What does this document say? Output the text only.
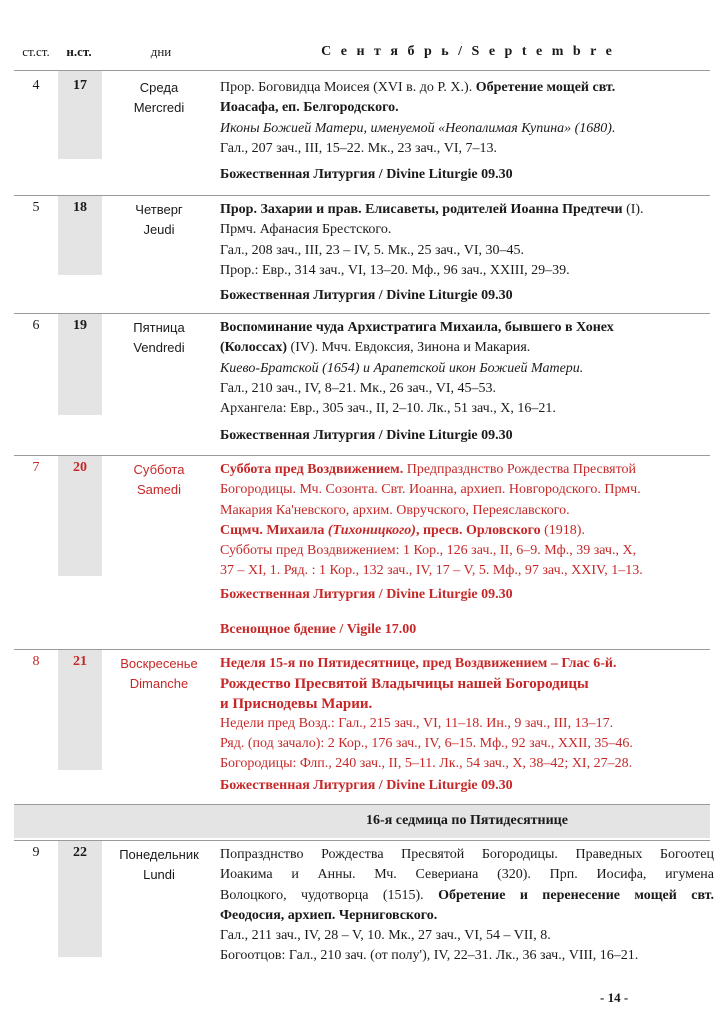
ст.ст.	н.ст.	дни	С е н т я б р ь / S e p t e m b r e
4	17	Среда
Mercredi
Прор. Боговидца Моисея (XVI в. до Р. Х.). Обретение мощей свт.
Иоасафа, еп. Белгородского.
Иконы Божией Матери, именуемой «Неопалимая Купина» (1680).
Гал., 207 зач., III, 15–22. Мк., 23 зач., VI, 7–13.
Божественная Литургия / Divine Liturgie 09.30
5	18	Четверг
Jeudi
Прор. Захарии и прав. Елисаветы, родителей Иоанна Предтечи (I).
Прмч. Афанасия Брестского.
Гал., 208 зач., III, 23 – IV, 5. Мк., 25 зач., VI, 30–45.
Прор.: Евр., 314 зач., VI, 13–20. Мф., 96 зач., XXIII, 29–39.
Божественная Литургия / Divine Liturgie 09.30
6	19	Пятница
Vendredi
Воспоминание чуда Архистратига Михаила, бывшего в Хонех
(Колоссах) (IV). Мчч. Евдоксия, Зинона и Макария.
Киево-Братской (1654) и Арапетской икон Божией Матери.
Гал., 210 зач., IV, 8–21. Мк., 26 зач., VI, 45–53.
Архангела: Евр., 305 зач., II, 2–10. Лк., 51 зач., X, 16–21.
Божественная Литургия / Divine Liturgie 09.30
7	20	Суббота
Samedi
Суббота пред Воздвижением. Предпразднство Рождества Пресвятой
Богородицы. Мч. Созонта. Свт. Иоанна, архиеп. Новгородского. Прмч.
Макария Ка'невского, архим. Овручского, Переяславского.
Сщмч. Михаила (Тихоницкого), пресв. Орловского (1918).
Субботы пред Воздвижением: 1 Кор., 126 зач., II, 6–9. Мф., 39 зач., X,
37 – XI, 1. Ряд. : 1 Кор., 132 зач., IV, 17 – V, 5. Мф., 97 зач., XXIV, 1–13.
Божественная Литургия / Divine Liturgie 09.30
Всенощное бдение / Vigile 17.00
8	21	Воскресенье
Dimanche
Неделя 15-я по Пятидесятнице, пред Воздвижением – Глас 6-й.
Рождество Пресвятой Владычицы нашей Богородицы
и Приснодевы Марии.
Недели пред Возд.: Гал., 215 зач., VI, 11–18. Ин., 9 зач., III, 13–17.
Ряд. (под зачало): 2 Кор., 176 зач., IV, 6–15. Мф., 92 зач., XXII, 35–46.
Богородицы: Флп., 240 зач., II, 5–11. Лк., 54 зач., X, 38–42; XI, 27–28.
Божественная Литургия / Divine Liturgie 09.30
16-я седмица по Пятидесятнице
9	22	Понедельник
Lundi
Попразднство Рождества Пресвятой Богородицы. Праведных Богоотец
Иоакима и Анны. Мч. Севериана (320). Прп. Иосифа, игумена
Волоцкого, чудотворца (1515). Обретение и перенесение мощей свт.
Феодосия, архиеп. Черниговского.
Гал., 211 зач., IV, 28 – V, 10. Мк., 27 зач., VI, 54 – VII, 8.
Богоотцов: Гал., 210 зач. (от полу'), IV, 22–31. Лк., 36 зач., VIII, 16–21.
- 14 -
